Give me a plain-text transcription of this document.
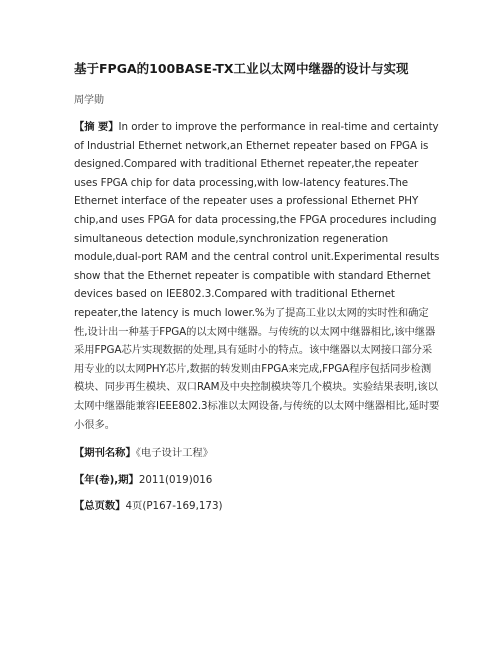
基于FPGA的100BASE-TX工业以太网中继器的设计与实现
周学勋
【摘 要】In order to improve the performance in real-time and certainty of Industrial Ethernet network,an Ethernet repeater based on FPGA is designed.Compared with traditional Ethernet repeater,the repeater uses FPGA chip for data processing,with low-latency features.The Ethernet interface of the repeater uses a professional Ethernet PHY chip,and uses FPGA for data processing,the FPGA procedures including simultaneous detection module,synchronization regeneration module,dual-port RAM and the central control unit.Experimental results show that the Ethernet repeater is compatible with standard Ethernet devices based on IEE802.3.Compared with traditional Ethernet repeater,the latency is much lower.%为了提高工业以太网的实时性和确定性,设计出一种基于FPGA的以太网中继器。与传统的以太网中继器相比,该中继器采用FPGA芯片实现数据的处理,具有延时小的特点。该中继器以太网接口部分采用专业的以太网PHY芯片,数据的转发则由FPGA来完成,FPGA程序包括同步检测模块、同步再生模块、双口RAM及中央控制模块等几个模块。实验结果表明,该以太网中继器能兼容IEEE802.3标准以太网设备,与传统的以太网中继器相比,延时要小很多。
【期刊名称】《电子设计工程》
【年(卷),期】2011(019)016
【总页数】4页(P167-169,173)
